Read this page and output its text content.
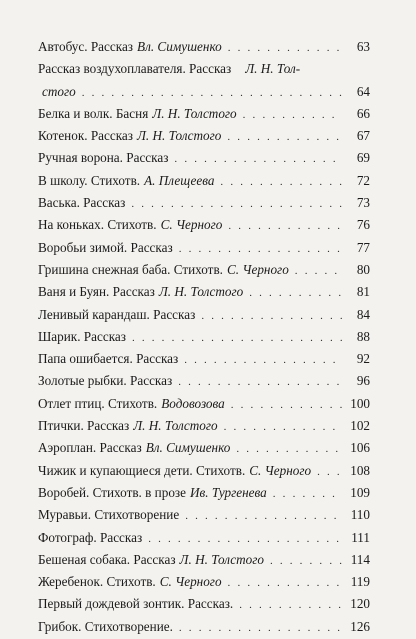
Автобус. Рассказ Вл. Симушенко . . .	63
Рассказ воздухоплавателя. Рассказ Л. Н. Тол-
стого . . .	64
Белка и волк. Басня Л. Н. Толстого . . .	66
Котенок. Рассказ Л. Н. Толстого . . .	67
Ручная ворона. Рассказ . . .	69
В школу. Стихотв. А. Плещеева . . .	72
Васька. Рассказ . . .	73
На коньках. Стихотв. С. Черного . . .	76
Воробьи зимой. Рассказ . . .	77
Гришина снежная баба. Стихотв. С. Черного . . .	80
Ваня и Буян. Рассказ Л. Н. Толстого . . .	81
Ленивый карандаш. Рассказ . . .	84
Шарик. Рассказ . . .	88
Папа ошибается. Рассказ . . .	92
Золотые рыбки. Рассказ . . .	96
Отлет птиц. Стихотв. Водовозова . . .	100
Птички. Рассказ Л. Н. Толстого . . .	102
Аэроплан. Рассказ Вл. Симушенко . . .	106
Чижик и купающиеся дети. Стихотв. С. Черного . . .	108
Воробей. Стихотв. в прозе Ив. Тургенева . . .	109
Муравьи. Стихотворение . . .	110
Фотограф. Рассказ . . .	111
Бешеная собака. Рассказ Л. Н. Толстого . . .	114
Жеребенок. Стихотв. С. Черного . . .	119
Первый дождевой зонтик. Рассказ. . . .	120
Грибок. Стихотворение. . . .	126
